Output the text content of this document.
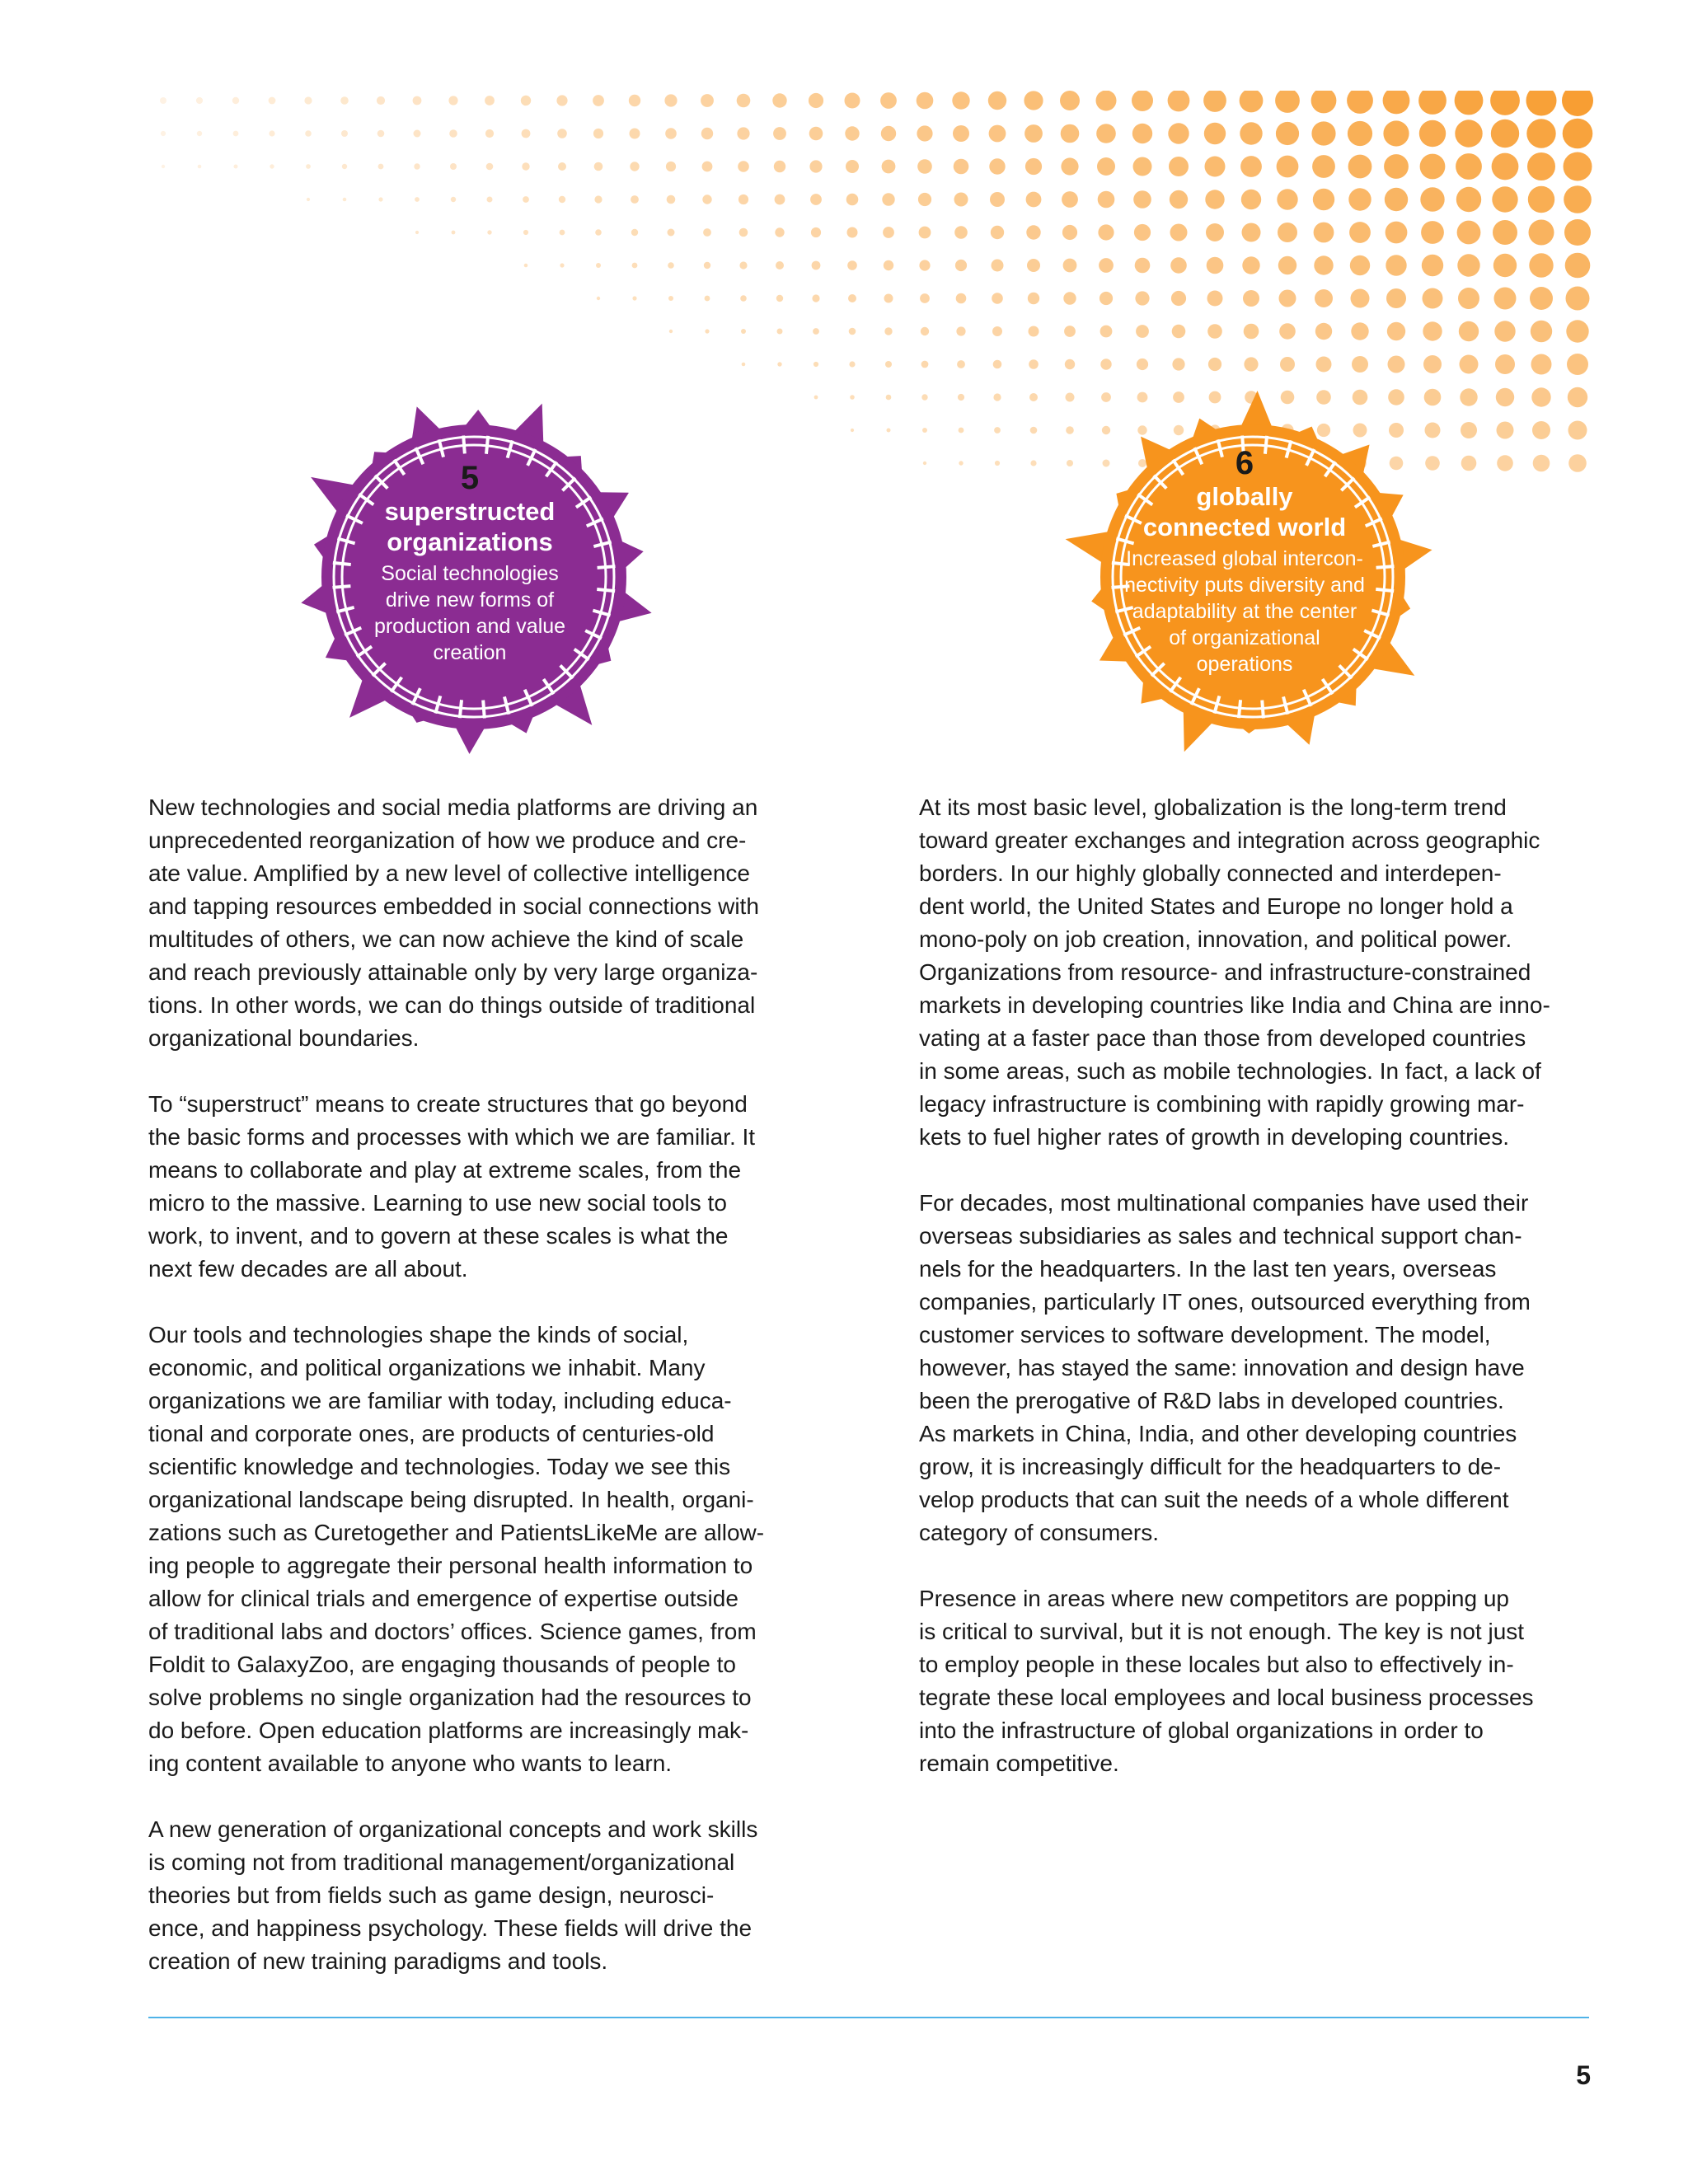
5
superstructed
organizations
Social technologies
drive new forms of
production and value
creation
6
globally
connected world
Increased global intercon-
nectivity puts diversity and
adaptability at the center
of organizational
operations

New technologies and social media platforms are driving an
unprecedented reorganization of how we produce and cre-
ate value. Amplified by a new level of collective intelligence
and tapping resources embedded in social connections with
multitudes of others, we can now achieve the kind of scale
and reach previously attainable only by very large organiza-
tions. In other words, we can do things outside of traditional
organizational boundaries.

To “superstruct” means to create structures that go beyond
the basic forms and processes with which we are familiar. It
means to collaborate and play at extreme scales, from the
micro to the massive. Learning to use new social tools to
work, to invent, and to govern at these scales is what the
next few decades are all about.

Our tools and technologies shape the kinds of social,
economic, and political organizations we inhabit. Many
organizations we are familiar with today, including educa-
tional and corporate ones, are products of centuries-old
scientific knowledge and technologies. Today we see this
organizational landscape being disrupted. In health, organi-
zations such as Curetogether and PatientsLikeMe are allow-
ing people to aggregate their personal health information to
allow for clinical trials and emergence of expertise outside
of traditional labs and doctors’ offices. Science games, from
Foldit to GalaxyZoo, are engaging thousands of people to
solve problems no single organization had the resources to
do before. Open education platforms are increasingly mak-
ing content available to anyone who wants to learn.

A new generation of organizational concepts and work skills
is coming not from traditional management/organizational
theories but from fields such as game design, neurosci-
ence, and happiness psychology. These fields will drive the
creation of new training paradigms and tools.

At its most basic level, globalization is the long-term trend
toward greater exchanges and integration across geographic
borders. In our highly globally connected and interdepen-
dent world, the United States and Europe no longer hold a
mono-poly on job creation, innovation, and political power.
Organizations from resource- and infrastructure-constrained
markets in developing countries like India and China are inno-
vating at a faster pace than those from developed countries
in some areas, such as mobile technologies. In fact, a lack of
legacy infrastructure is combining with rapidly growing mar-
kets to fuel higher rates of growth in developing countries.

For decades, most multinational companies have used their
overseas subsidiaries as sales and technical support chan-
nels for the headquarters. In the last ten years, overseas
companies, particularly IT ones, outsourced everything from
customer services to software development. The model,
however, has stayed the same: innovation and design have
been the prerogative of R&D labs in developed countries.
As markets in China, India, and other developing countries
grow, it is increasingly difficult for the headquarters to de-
velop products that can suit the needs of a whole different
category of consumers.

Presence in areas where new competitors are popping up
is critical to survival, but it is not enough. The key is not just
to employ people in these locales but also to effectively in-
tegrate these local employees and local business processes
into the infrastructure of global organizations in order to
remain competitive.

5
